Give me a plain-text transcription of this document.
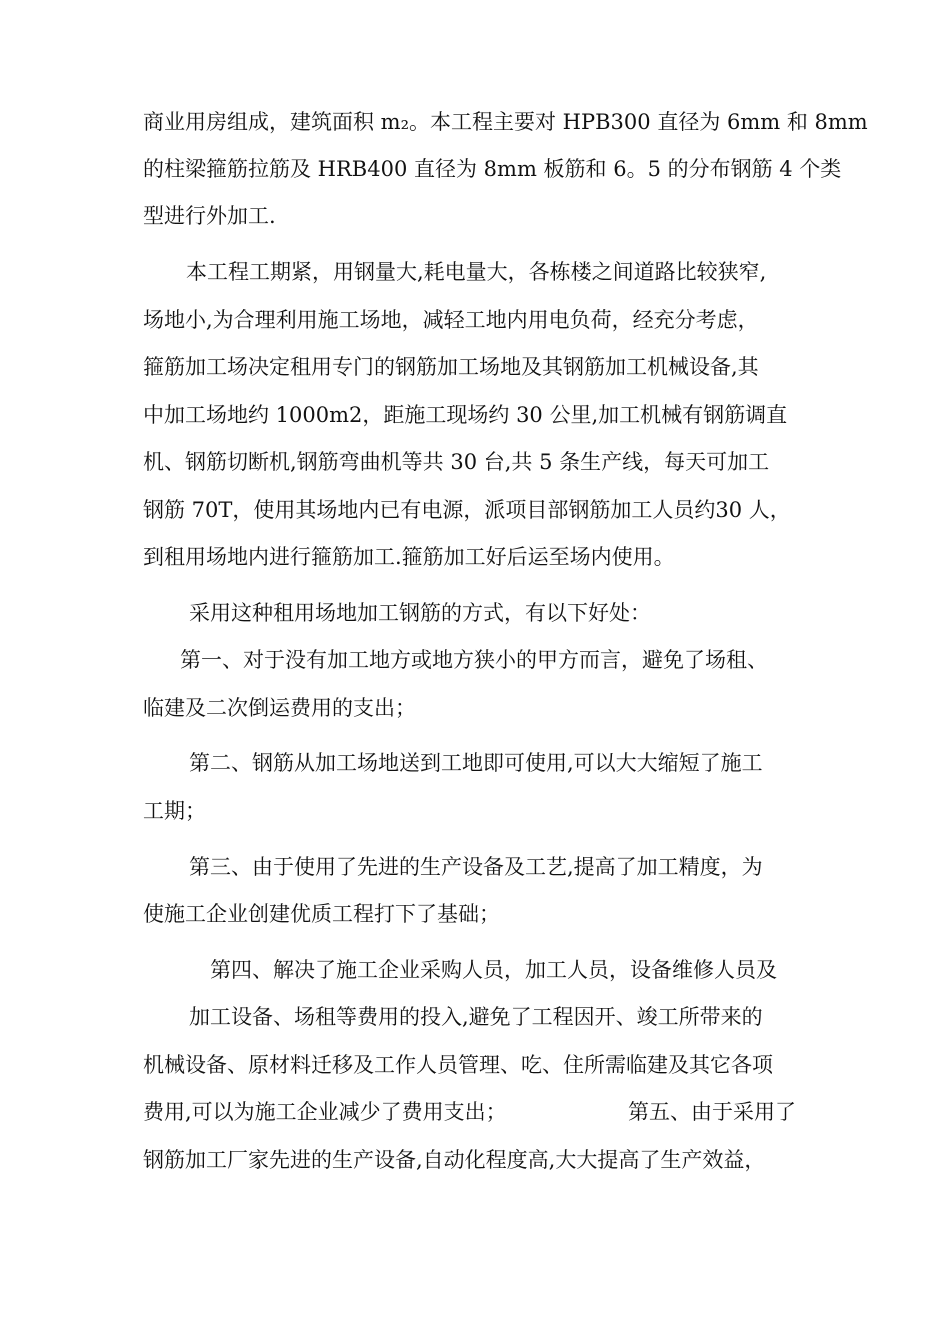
商业用房组成，建筑面积 m₂。本工程主要对 HPB300 直径为 6mm 和 8mm
的柱梁箍筋拉筋及 HRB400 直径为 8mm 板筋和 6。5 的分布钢筋 4 个类
型进行外加工.
本工程工期紧，用钢量大,耗电量大，各栋楼之间道路比较狭窄,
场地小,为合理利用施工场地，减轻工地内用电负荷，经充分考虑，
箍筋加工场决定租用专门的钢筋加工场地及其钢筋加工机械设备,其
中加工场地约 1000m2，距施工现场约 30 公里,加工机械有钢筋调直
机、钢筋切断机,钢筋弯曲机等共 30 台,共 5 条生产线，每天可加工
钢筋 70T，使用其场地内已有电源，派项目部钢筋加工人员约30 人，
到租用场地内进行箍筋加工.箍筋加工好后运至场内使用。
采用这种租用场地加工钢筋的方式，有以下好处：
第一、对于没有加工地方或地方狭小的甲方而言，避免了场租、
临建及二次倒运费用的支出；
第二、钢筋从加工场地送到工地即可使用,可以大大缩短了施工
工期；
第三、由于使用了先进的生产设备及工艺,提高了加工精度，为
使施工企业创建优质工程打下了基础；
第四、解决了施工企业采购人员，加工人员，设备维修人员及
加工设备、场租等费用的投入,避免了工程因开、竣工所带来的
机械设备、原材料迁移及工作人员管理、吃、住所需临建及其它各项
费用,可以为施工企业减少了费用支出；	第五、由于采用了
钢筋加工厂家先进的生产设备,自动化程度高,大大提高了生产效益，
